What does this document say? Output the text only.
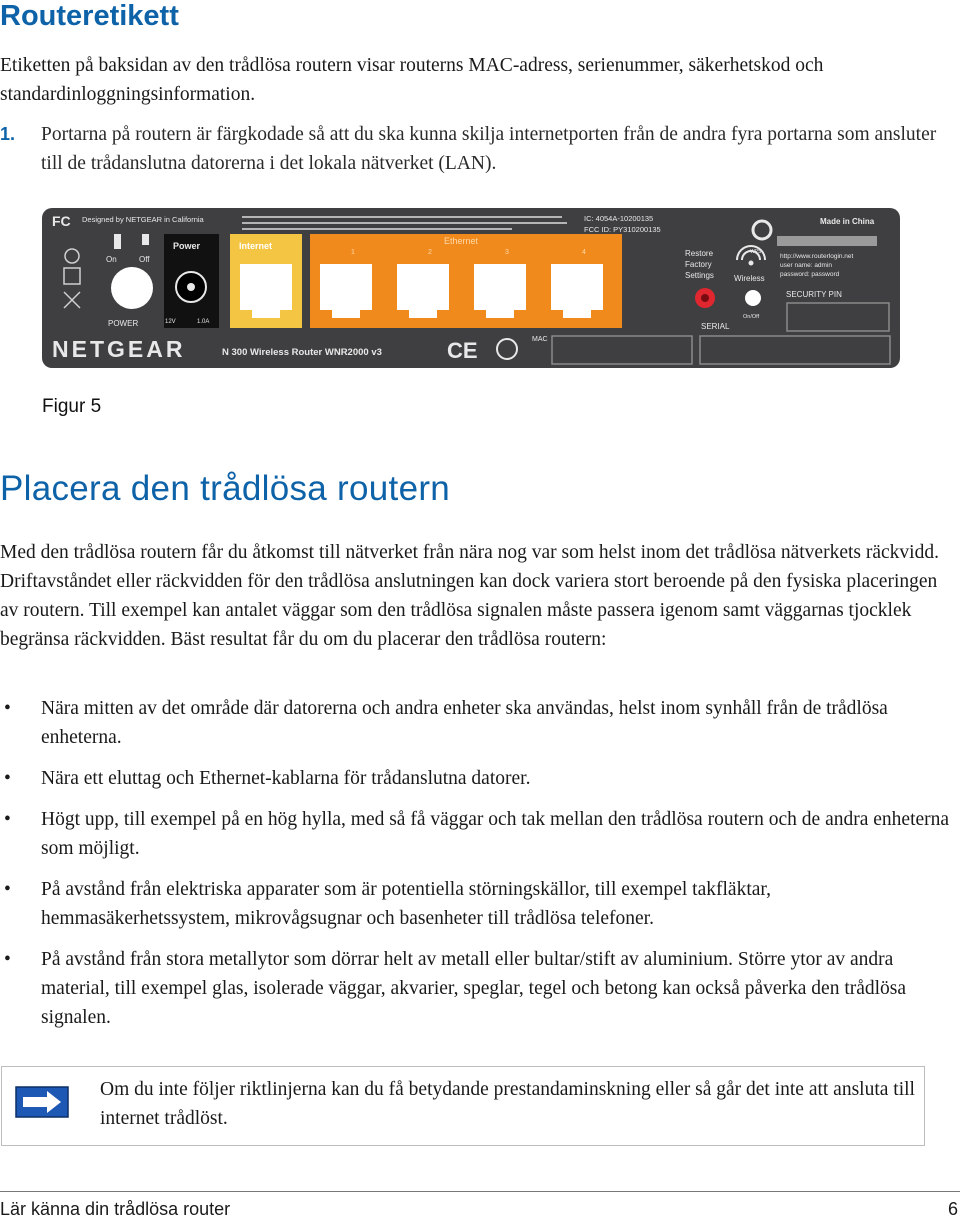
Routeretikett

Etiketten på baksidan av den trådlösa routern visar routerns MAC-adress, serienummer, säkerhetskod och standardinloggningsinformation.

1. Portarna på routern är färgkodade så att du ska kunna skilja internetporten från de andra fyra portarna som ansluter till de trådanslutna datorerna i det lokala nätverket (LAN).
FC Designed by NETGEAR in California	IC: 4054A-10200135
FCC ID: PY310200135
Made in China
WPS
On	Off
POWER
Power
12V	1.0A
Internet	Ethernet
1	2	3	4	Restore
Factory
Settings	Wireless
On/Off
SERIAL
http://www.routerlogin.net
user name: admin
password: password
SECURITY PIN
NETGEAR	N 300 Wireless Router WNR2000 v3	CE	MAC
Figur 5
Placera den trådlösa routern

Med den trådlösa routern får du åtkomst till nätverket från nära nog var som helst inom det trådlösa nätverkets räckvidd. Driftavståndet eller räckvidden för den trådlösa anslutningen kan dock variera stort beroende på den fysiska placeringen av routern. Till exempel kan antalet väggar som den trådlösa signalen måste passera igenom samt väggarnas tjocklek begränsa räckvidden. Bäst resultat får du om du placerar den trådlösa routern:

• Nära mitten av det område där datorerna och andra enheter ska användas, helst inom synhåll från de trådlösa enheterna.
• Nära ett eluttag och Ethernet-kablarna för trådanslutna datorer.
• Högt upp, till exempel på en hög hylla, med så få väggar och tak mellan den trådlösa routern och de andra enheterna som möjligt.
• På avstånd från elektriska apparater som är potentiella störningskällor, till exempel takfläktar, hemmasäkerhetssystem, mikrovågsugnar och basenheter till trådlösa telefoner.
• På avstånd från stora metallytor som dörrar helt av metall eller bultar/stift av aluminium. Större ytor av andra material, till exempel glas, isolerade väggar, akvarier, speglar, tegel och betong kan också påverka den trådlösa signalen.
Om du inte följer riktlinjerna kan du få betydande prestandaminskning eller så går det inte att ansluta till internet trådlöst.
Lär känna din trådlösa router	6
